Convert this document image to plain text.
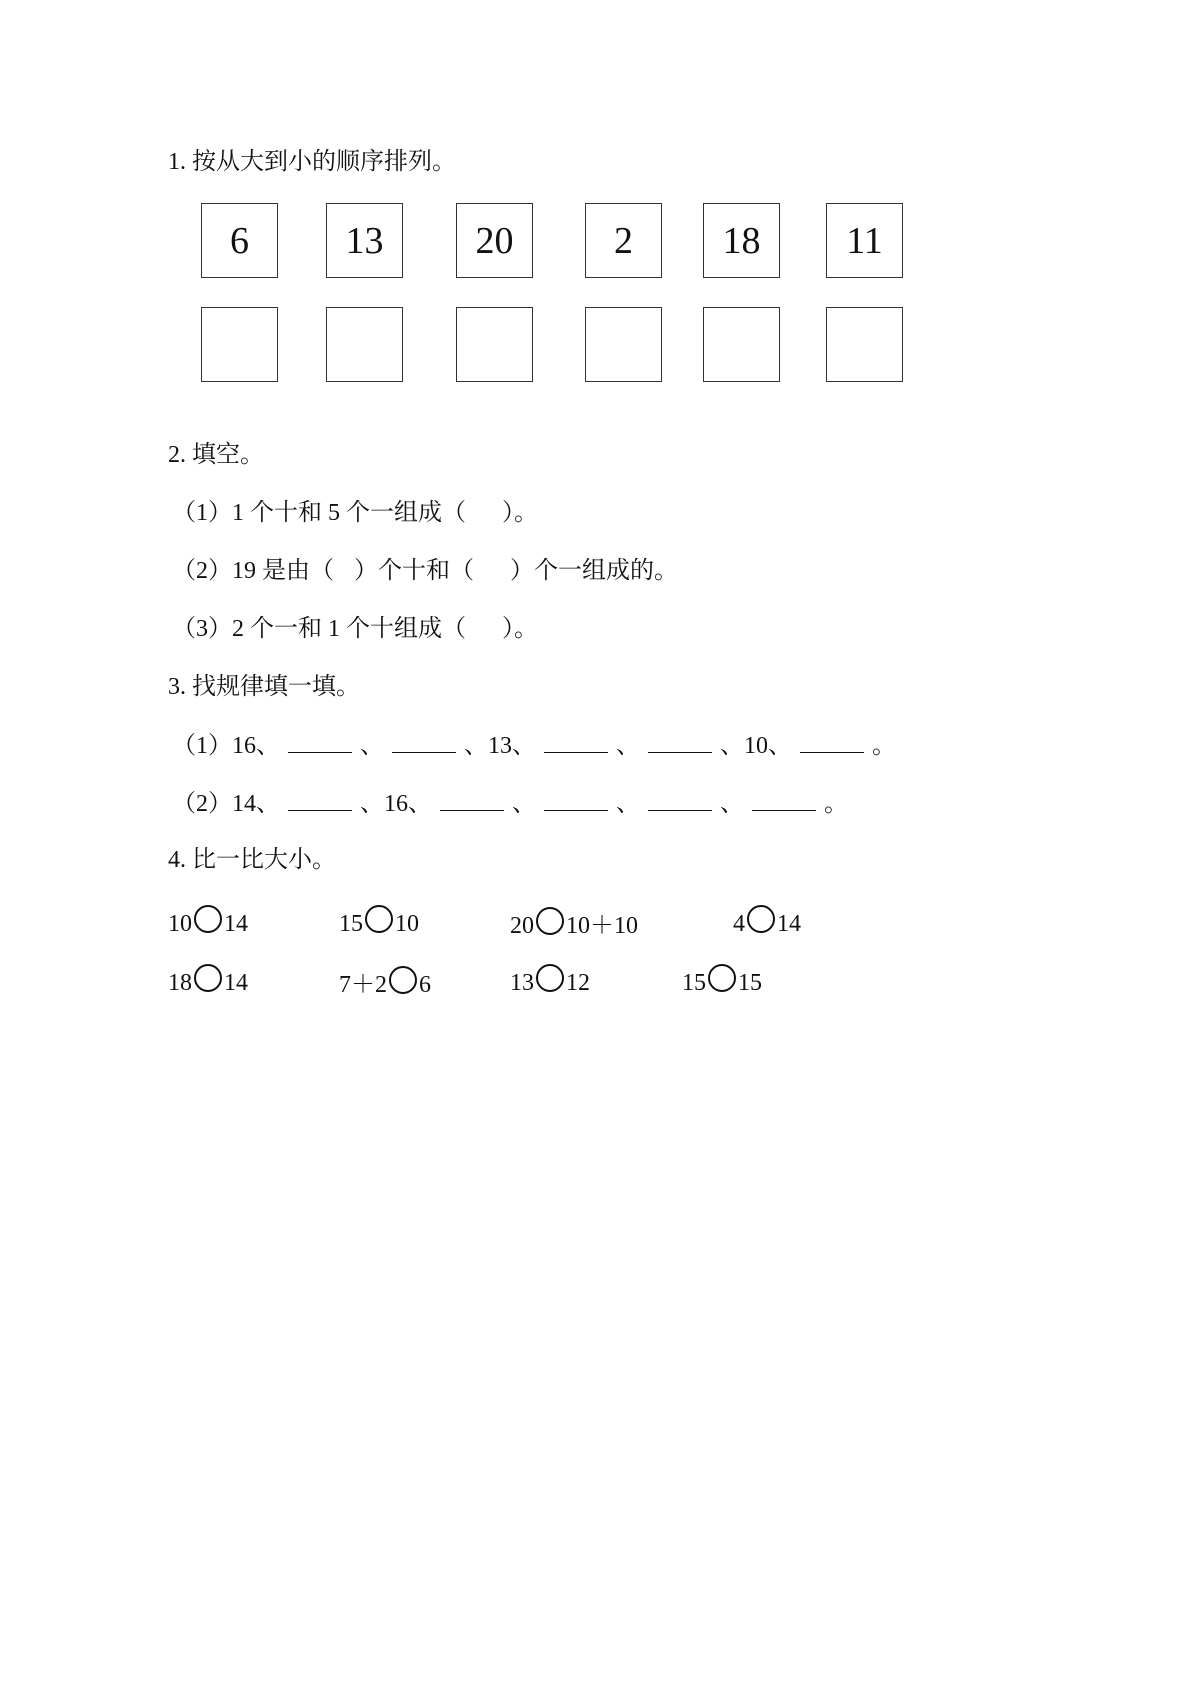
1. 按从大到小的顺序排列。
6	13	20	2	18	11
2. 填空。
（1）1 个十和 5 个一组成（ ）。
（2）19 是由（ ）个十和（ ）个一组成的。
（3）2 个一和 1 个十组成（ ）。
3. 找规律填一填。
（1）16、	、	、13、	、	、10、	。
（2）14、	、16、	、	、	、	。
4. 比一比大小。
10 14	15 10	20 10＋10	4 14
18 14	7＋2 6	13 12	15 15
